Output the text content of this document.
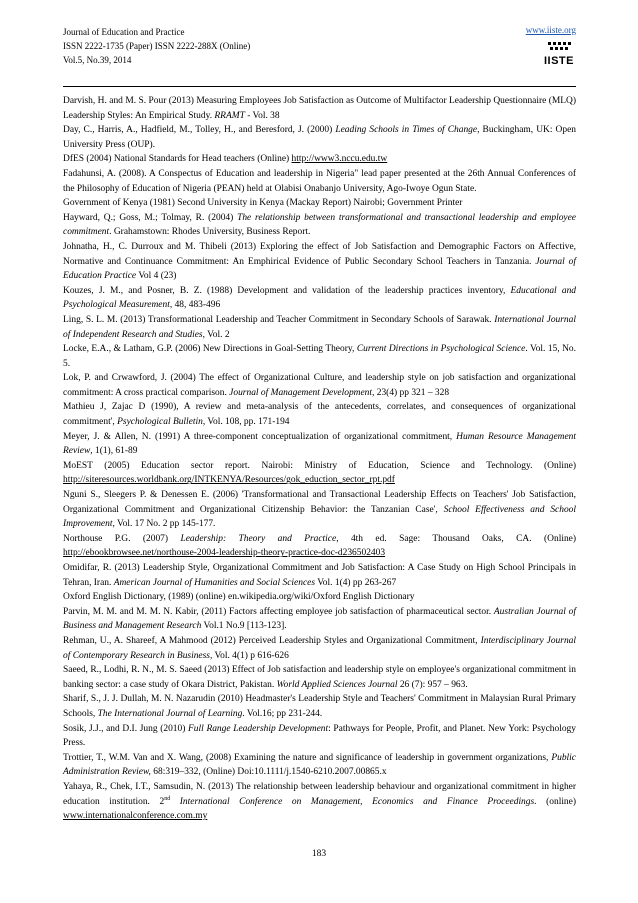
Journal of Education and Practice
ISSN 2222-1735 (Paper) ISSN 2222-288X (Online)
Vol.5, No.39, 2014
www.iiste.org
IISTE

Darvish, H. and M. S. Pour (2013) Measuring Employees Job Satisfaction as Outcome of Multifactor Leadership Questionnaire (MLQ) Leadership Styles: An Empirical Study. RRAMT - Vol. 38

Day, C., Harris, A., Hadfield, M., Tolley, H., and Beresford, J. (2000) Leading Schools in Times of Change, Buckingham, UK: Open University Press (OUP).

DfES (2004) National Standards for Head teachers (Online) http://www3.nccu.edu.tw

Fadahunsi, A. (2008). A Conspectus of Education and leadership in Nigeria" lead paper presented at the 26th Annual Conferences of the Philosophy of Education of Nigeria (PEAN) held at Olabisi Onabanjo University, Ago-Iwoye Ogun State.

Government of Kenya (1981) Second University in Kenya (Mackay Report) Nairobi; Government Printer

Hayward, Q.; Goss, M.; Tolmay, R. (2004) The relationship between transformational and transactional leadership and employee commitment. Grahamstown: Rhodes University, Business Report.

Johnatha, H., C. Durroux and M. Thibeli (2013) Exploring the effect of Job Satisfaction and Demographic Factors on Affective, Normative and Continuance Commitment: An Emphirical Evidence of Public Secondary School Teachers in Tanzania. Journal of Education Practice Vol 4 (23)

Kouzes, J. M., and Posner, B. Z. (1988) Development and validation of the leadership practices inventory, Educational and Psychological Measurement, 48, 483-496

Ling, S. L. M. (2013) Transformational Leadership and Teacher Commitment in Secondary Schools of Sarawak. International Journal of Independent Research and Studies, Vol. 2

Locke, E.A., & Latham, G.P. (2006) New Directions in Goal-Setting Theory, Current Directions in Psychological Science. Vol. 15, No. 5.

Lok, P. and Crwawford, J. (2004) The effect of Organizational Culture, and leadership style on job satisfaction and organizational commitment: A cross practical comparison. Journal of Management Development, 23(4) pp 321 – 328

Mathieu J, Zajac D (1990), A review and meta-analysis of the antecedents, correlates, and consequences of organizational commitment', Psychological Bulletin, Vol. 108, pp. 171-194

Meyer, J. & Allen, N. (1991) A three-component conceptualization of organizational commitment, Human Resource Management Review, 1(1), 61-89

MoEST (2005) Education sector report. Nairobi: Ministry of Education, Science and Technology. (Online) http://siteresources.worldbank.org/INTKENYA/Resources/gok_eduction_sector_rpt.pdf

Nguni S., Sleegers P. & Denessen E. (2006) 'Transformational and Transactional Leadership Effects on Teachers' Job Satisfaction, Organizational Commitment and Organizational Citizenship Behavior: the Tanzanian Case', School Effectiveness and School Improvement, Vol. 17 No. 2 pp 145-177.

Northouse P.G. (2007) Leadership: Theory and Practice, 4th ed. Sage: Thousand Oaks, CA. (Online) http://ebookbrowsee.net/northouse-2004-leadership-theory-practice-doc-d236502403

Omidifar, R. (2013) Leadership Style, Organizational Commitment and Job Satisfaction: A Case Study on High School Principals in Tehran, Iran. American Journal of Humanities and Social Sciences Vol. 1(4) pp 263-267

Oxford English Dictionary, (1989) (online) en.wikipedia.org/wiki/Oxford English Dictionary

Parvin, M. M. and M. M. N. Kabir, (2011) Factors affecting employee job satisfaction of pharmaceutical sector. Australian Journal of Business and Management Research Vol.1 No.9 [113-123].

Rehman, U., A. Shareef, A Mahmood (2012) Perceived Leadership Styles and Organizational Commitment, Interdisciplinary Journal of Contemporary Research in Business, Vol. 4(1) p 616-626

Saeed, R., Lodhi, R. N., M. S. Saeed (2013) Effect of Job satisfaction and leadership style on employee's organizational commitment in banking sector: a case study of Okara District, Pakistan. World Applied Sciences Journal 26 (7): 957 – 963.

Sharif, S., J. J. Dullah, M. N. Nazarudin (2010) Headmaster's Leadership Style and Teachers' Commitment in Malaysian Rural Primary Schools, The International Journal of Learning. Vol.16; pp 231-244.

Sosik, J.J., and D.I. Jung (2010) Full Range Leadership Development: Pathways for People, Profit, and Planet. New York: Psychology Press.

Trottier, T., W.M. Van and X. Wang, (2008) Examining the nature and significance of leadership in government organizations, Public Administration Review, 68:319–332, (Online) Doi:10.1111/j.1540-6210.2007.00865.x

Yahaya, R., Chek, I.T., Samsudin, N. (2013) The relationship between leadership behaviour and organizational commitment in higher education institution. 2nd International Conference on Management, Economics and Finance Proceedings. (online) www.internationalconference.com.my

183
